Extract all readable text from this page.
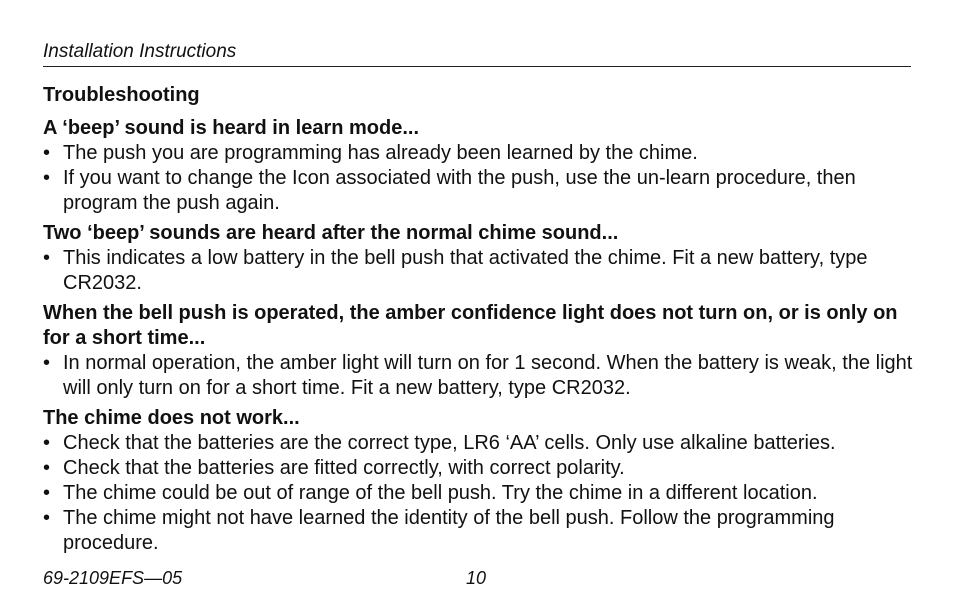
Installation Instructions
Troubleshooting
A ‘beep’ sound is heard in learn mode...
• The push you are programming has already been learned by the chime.
• If you want to change the Icon associated with the push, use the un-learn procedure, then program the push again.
Two ‘beep’ sounds are heard after the normal chime sound...
• This indicates a low battery in the bell push that activated the chime. Fit a new battery, type CR2032.
When the bell push is operated, the amber confidence light does not turn on, or is only on for a short time...
• In normal operation, the amber light will turn on for 1 second. When the battery is weak, the light will only turn on for a short time. Fit a new battery, type CR2032.
The chime does not work...
• Check that the batteries are the correct type, LR6 ‘AA’ cells. Only use alkaline batteries.
• Check that the batteries are fitted correctly, with correct polarity.
• The chime could be out of range of the bell push. Try the chime in a different location.
• The chime might not have learned the identity of the bell push. Follow the programming procedure.
69-2109EFS—05	10
